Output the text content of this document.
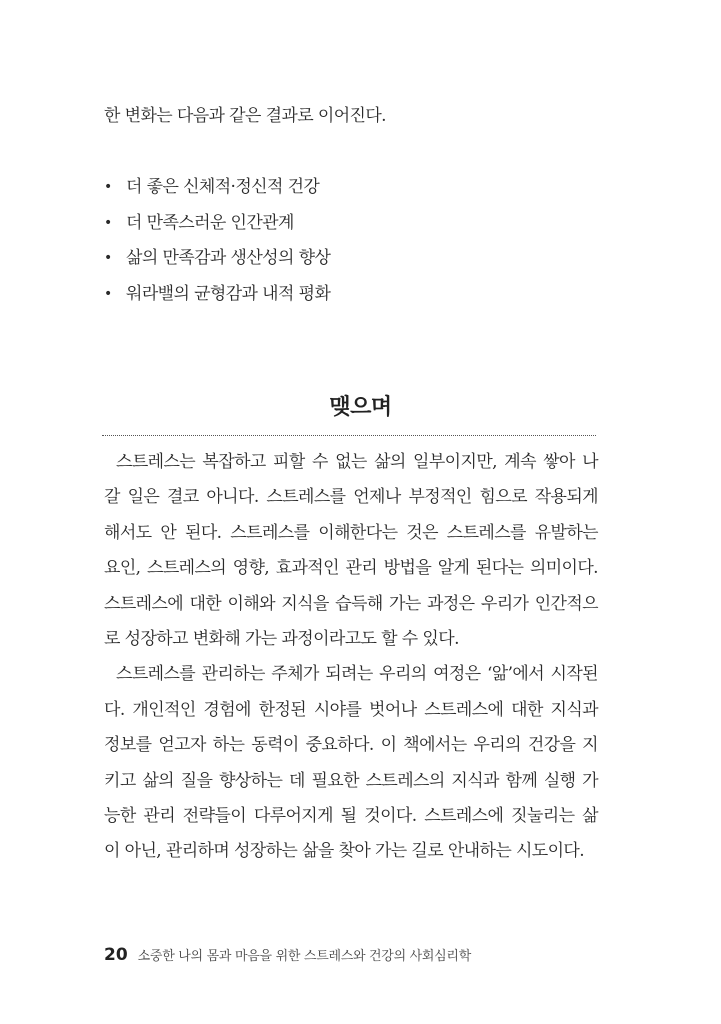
한 변화는 다음과 같은 결과로 이어진다.

• 더 좋은 신체적·정신적 건강
• 더 만족스러운 인간관계
• 삶의 만족감과 생산성의 향상
• 워라밸의 균형감과 내적 평화
맺으며
스트레스는 복잡하고 피할 수 없는 삶의 일부이지만, 계속 쌓아 나
갈 일은 결코 아니다. 스트레스를 언제나 부정적인 힘으로 작용되게
해서도 안 된다. 스트레스를 이해한다는 것은 스트레스를 유발하는
요인, 스트레스의 영향, 효과적인 관리 방법을 알게 된다는 의미이다.
스트레스에 대한 이해와 지식을 습득해 가는 과정은 우리가 인간적으
로 성장하고 변화해 가는 과정이라고도 할 수 있다.
스트레스를 관리하는 주체가 되려는 우리의 여정은 ‘앎’에서 시작된
다. 개인적인 경험에 한정된 시야를 벗어나 스트레스에 대한 지식과
정보를 얻고자 하는 동력이 중요하다. 이 책에서는 우리의 건강을 지
키고 삶의 질을 향상하는 데 필요한 스트레스의 지식과 함께 실행 가
능한 관리 전략들이 다루어지게 될 것이다. 스트레스에 짓눌리는 삶
이 아닌, 관리하며 성장하는 삶을 찾아 가는 길로 안내하는 시도이다.
20 소중한 나의 몸과 마음을 위한 스트레스와 건강의 사회심리학
